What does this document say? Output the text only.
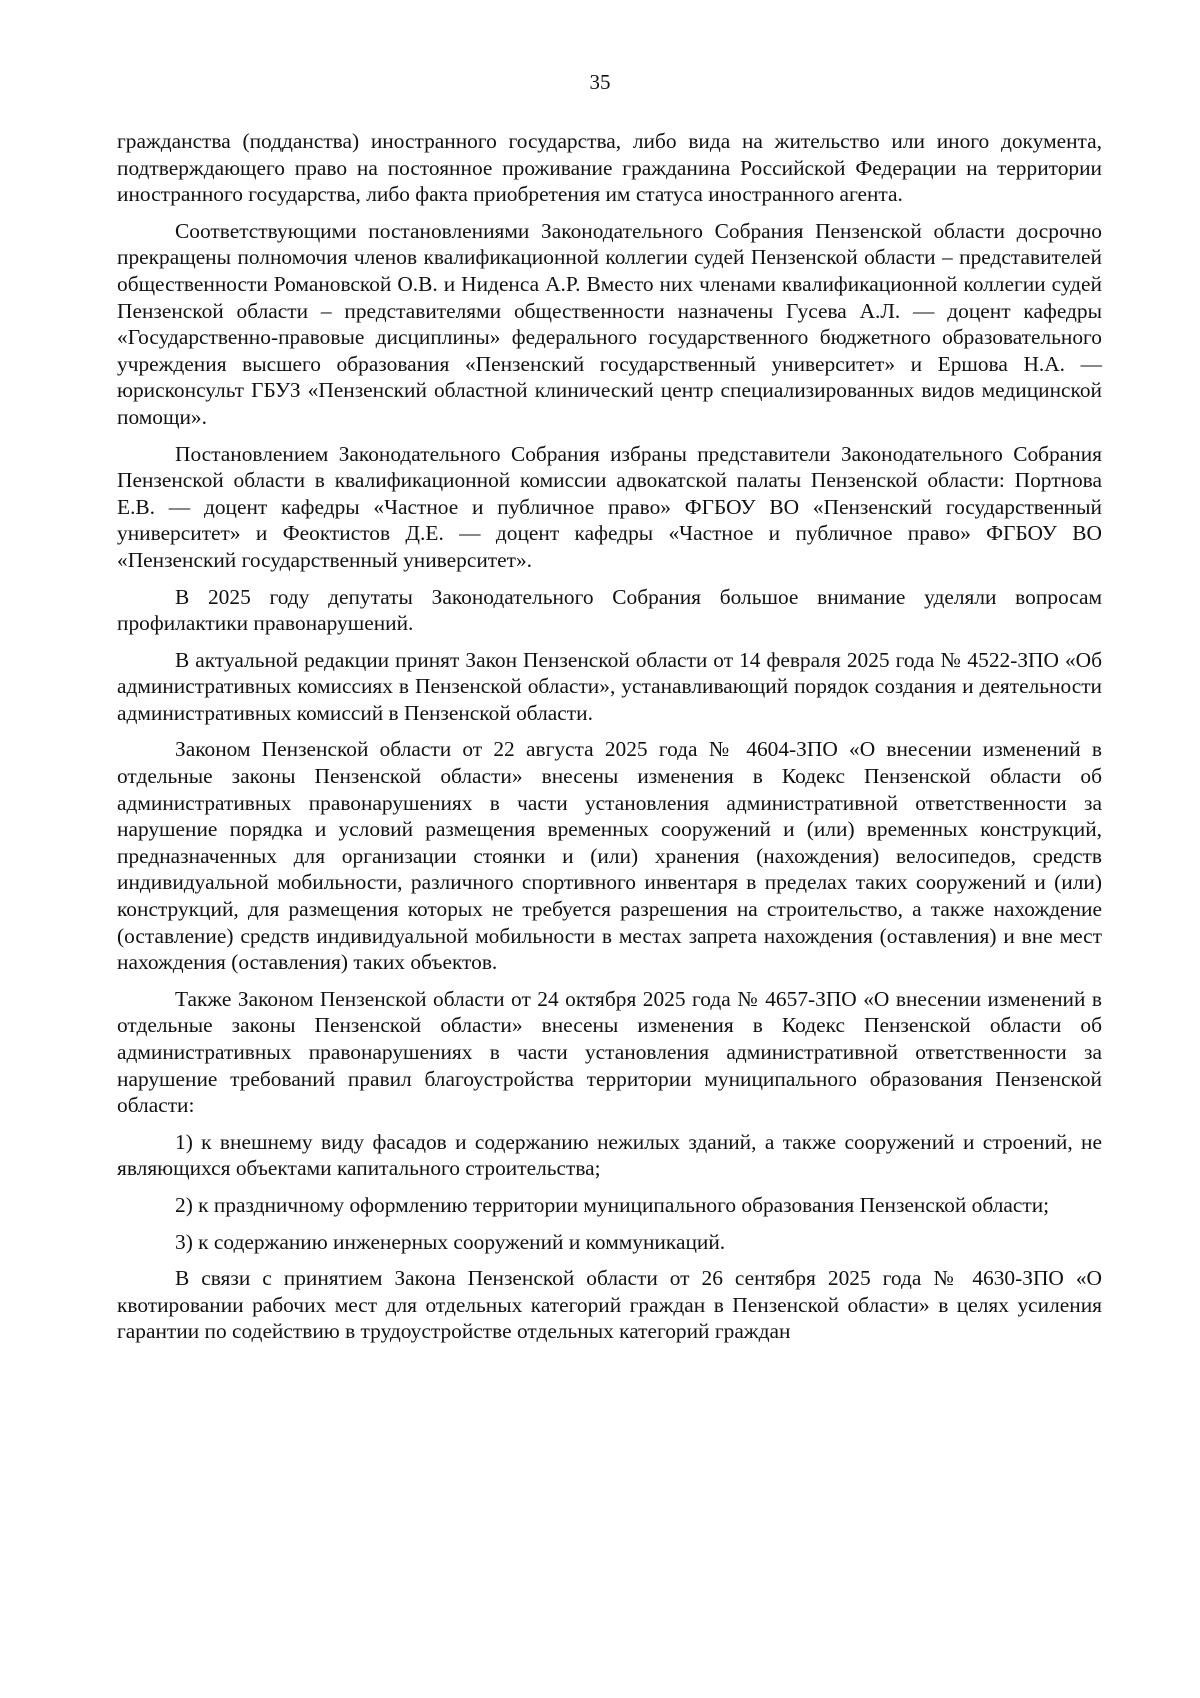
35

гражданства (подданства) иностранного государства, либо вида на жительство или иного документа, подтверждающего право на постоянное проживание гражданина Российской Федерации на территории иностранного государства, либо факта приобретения им статуса иностранного агента.

Соответствующими постановлениями Законодательного Собрания Пензенской области досрочно прекращены полномочия членов квалификационной коллегии судей Пензенской области – представителей общественности Романовской О.В. и Ниденса А.Р. Вместо них членами квалификационной коллегии судей Пензенской области – представителями общественности назначены Гусева А.Л. — доцент кафедры «Государственно-правовые дисциплины» федерального государственного бюджетного образовательного учреждения высшего образования «Пензенский государственный университет» и Ершова Н.А. — юрисконсульт ГБУЗ «Пензенский областной клинический центр специализированных видов медицинской помощи».

Постановлением Законодательного Собрания избраны представители Законодательного Собрания Пензенской области в квалификационной комиссии адвокатской палаты Пензенской области: Портнова Е.В. — доцент кафедры «Частное и публичное право» ФГБОУ ВО «Пензенский государственный университет» и Феоктистов Д.Е. — доцент кафедры «Частное и публичное право» ФГБОУ ВО «Пензенский государственный университет».

В 2025 году депутаты Законодательного Собрания большое внимание уделяли вопросам профилактики правонарушений.

В актуальной редакции принят Закон Пензенской области от 14 февраля 2025 года № 4522-ЗПО «Об административных комиссиях в Пензенской области», устанавливающий порядок создания и деятельности административных комиссий в Пензенской области.

Законом Пензенской области от 22 августа 2025 года № 4604-ЗПО «О внесении изменений в отдельные законы Пензенской области» внесены изменения в Кодекс Пензенской области об административных правонарушениях в части установления административной ответственности за нарушение порядка и условий размещения временных сооружений и (или) временных конструкций, предназначенных для организации стоянки и (или) хранения (нахождения) велосипедов, средств индивидуальной мобильности, различного спортивного инвентаря в пределах таких сооружений и (или) конструкций, для размещения которых не требуется разрешения на строительство, а также нахождение (оставление) средств индивидуальной мобильности в местах запрета нахождения (оставления) и вне мест нахождения (оставления) таких объектов.

Также Законом Пензенской области от 24 октября 2025 года № 4657-ЗПО «О внесении изменений в отдельные законы Пензенской области» внесены изменения в Кодекс Пензенской области об административных правонарушениях в части установления административной ответственности за нарушение требований правил благоустройства территории муниципального образования Пензенской области:

1) к внешнему виду фасадов и содержанию нежилых зданий, а также сооружений и строений, не являющихся объектами капитального строительства;

2) к праздничному оформлению территории муниципального образования Пензенской области;

3) к содержанию инженерных сооружений и коммуникаций.

В связи с принятием Закона Пензенской области от 26 сентября 2025 года № 4630-ЗПО «О квотировании рабочих мест для отдельных категорий граждан в Пензенской области» в целях усиления гарантии по содействию в трудоустройстве отдельных категорий граждан
